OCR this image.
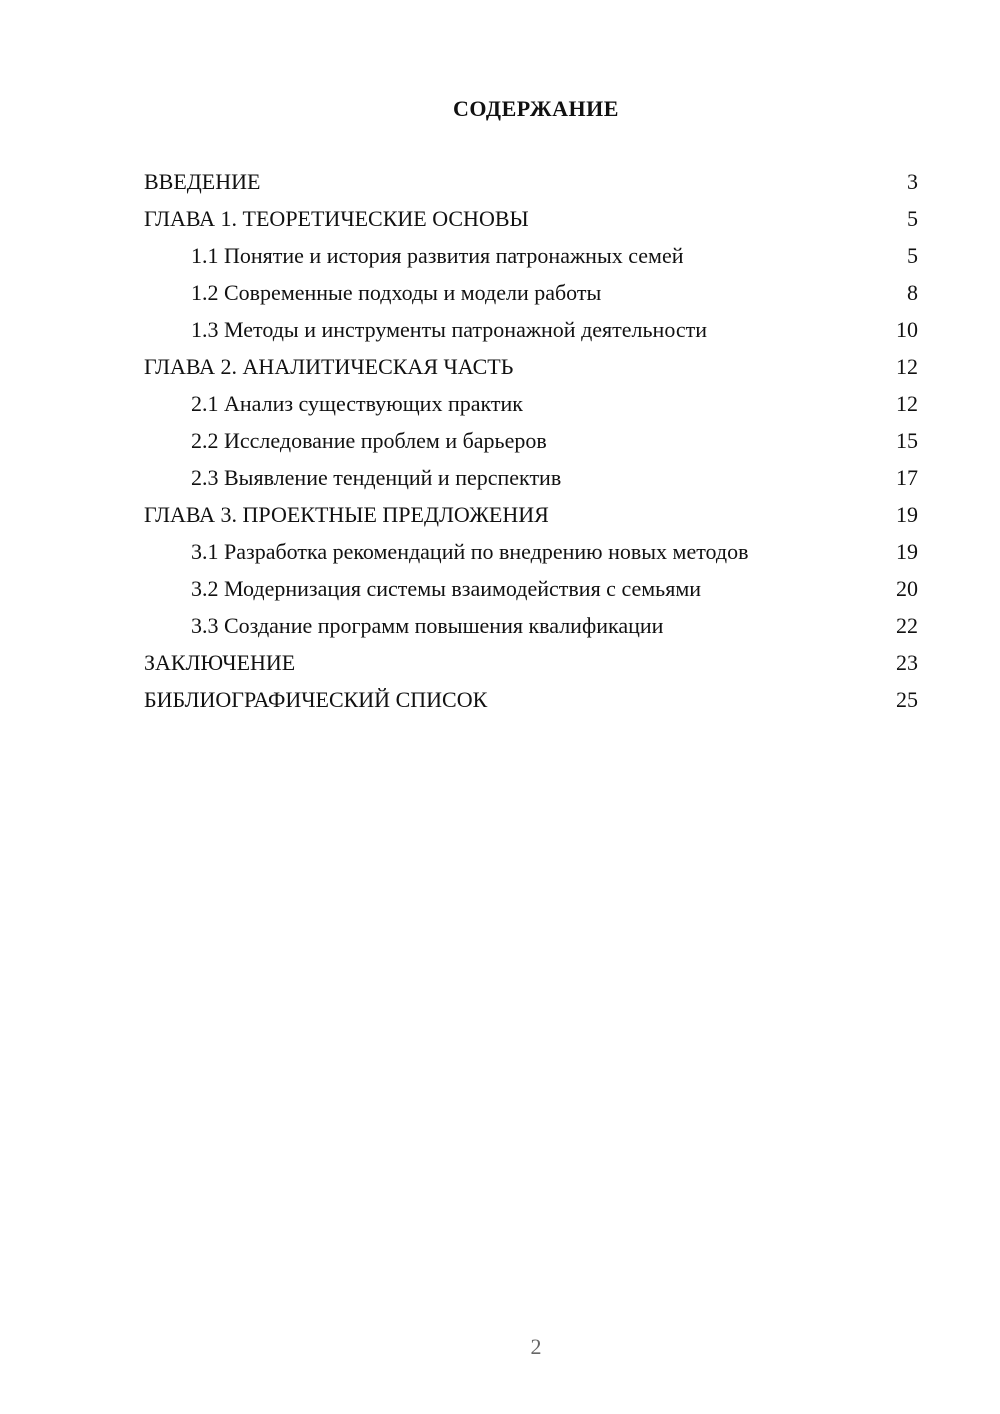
СОДЕРЖАНИЕ
ВВЕДЕНИЕ	3
ГЛАВА 1. ТЕОРЕТИЧЕСКИЕ ОСНОВЫ	5
1.1 Понятие и история развития патронажных семей	5
1.2 Современные подходы и модели работы	8
1.3 Методы и инструменты патронажной деятельности	10
ГЛАВА 2. АНАЛИТИЧЕСКАЯ ЧАСТЬ	12
2.1 Анализ существующих практик	12
2.2 Исследование проблем и барьеров	15
2.3 Выявление тенденций и перспектив	17
ГЛАВА 3. ПРОЕКТНЫЕ ПРЕДЛОЖЕНИЯ	19
3.1 Разработка рекомендаций по внедрению новых методов	19
3.2 Модернизация системы взаимодействия с семьями	20
3.3 Создание программ повышения квалификации	22
ЗАКЛЮЧЕНИЕ	23
БИБЛИОГРАФИЧЕСКИЙ СПИСОК	25
2
